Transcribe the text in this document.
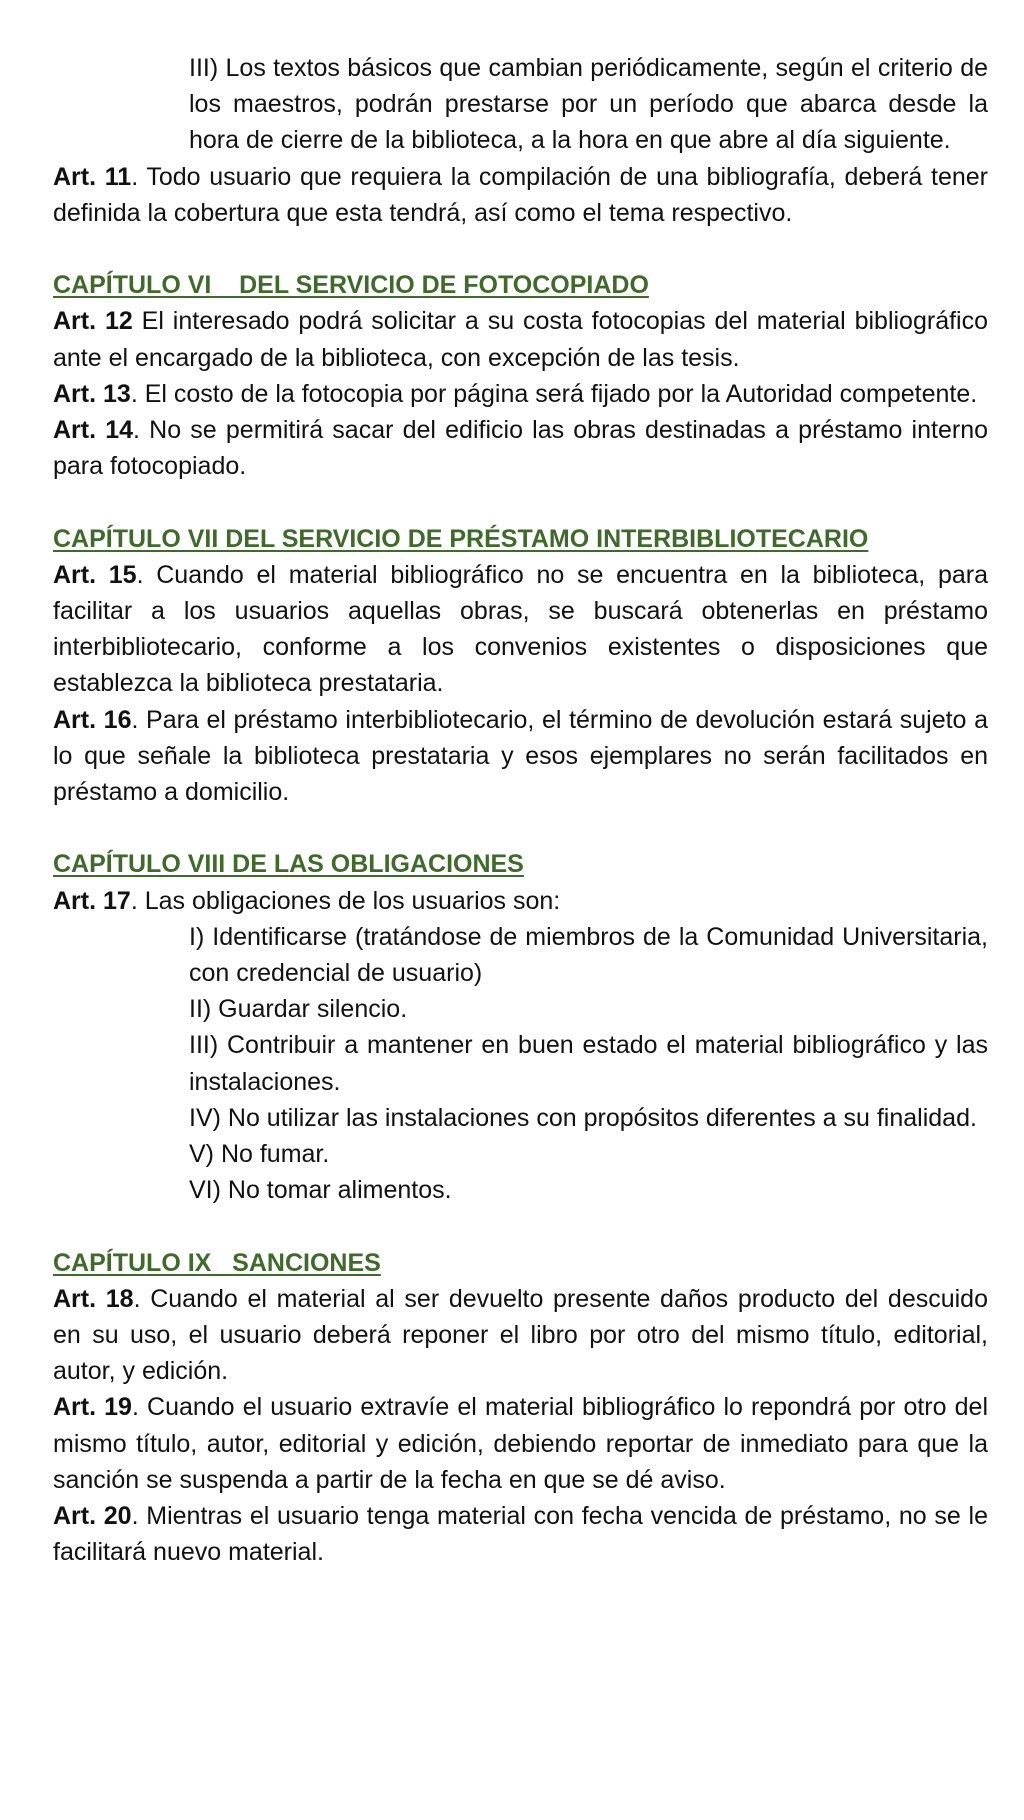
III) Los textos básicos que cambian periódicamente, según el criterio de los maestros, podrán prestarse por un período que abarca desde la hora de cierre de la biblioteca, a la hora en que abre al día siguiente.

Art. 11. Todo usuario que requiera la compilación de una bibliografía, deberá tener definida la cobertura que esta tendrá, así como el tema respectivo.

CAPÍTULO VI    DEL SERVICIO DE FOTOCOPIADO

Art. 12 El interesado podrá solicitar a su costa fotocopias del material bibliográfico ante el encargado de la biblioteca, con excepción de las tesis.

Art. 13. El costo de la fotocopia por página será fijado por la Autoridad competente.

Art. 14. No se permitirá sacar del edificio las obras destinadas a préstamo interno para fotocopiado.

CAPÍTULO VII DEL SERVICIO DE PRÉSTAMO INTERBIBLIOTECARIO

Art. 15. Cuando el material bibliográfico no se encuentra en la biblioteca, para facilitar a los usuarios aquellas obras, se buscará obtenerlas en préstamo interbibliotecario, conforme a los convenios existentes o disposiciones que establezca la biblioteca prestataria.

Art. 16. Para el préstamo interbibliotecario, el término de devolución estará sujeto a lo que señale la biblioteca prestataria y esos ejemplares no serán facilitados en préstamo a domicilio.

CAPÍTULO VIII DE LAS OBLIGACIONES

Art. 17. Las obligaciones de los usuarios son:

I) Identificarse (tratándose de miembros de la Comunidad Universitaria, con credencial de usuario)

II) Guardar silencio.

III) Contribuir a mantener en buen estado el material bibliográfico y las instalaciones.

IV) No utilizar las instalaciones con propósitos diferentes a su finalidad.

V) No fumar.

VI) No tomar alimentos.

CAPÍTULO IX   SANCIONES

Art. 18. Cuando el material al ser devuelto presente daños producto del descuido en su uso, el usuario deberá reponer el libro por otro del mismo título, editorial, autor, y edición.

Art. 19. Cuando el usuario extravíe el material bibliográfico lo repondrá por otro del mismo título, autor, editorial y edición, debiendo reportar de inmediato para que la sanción se suspenda a partir de la fecha en que se dé aviso.

Art. 20. Mientras el usuario tenga material con fecha vencida de préstamo, no se le facilitará nuevo material.
